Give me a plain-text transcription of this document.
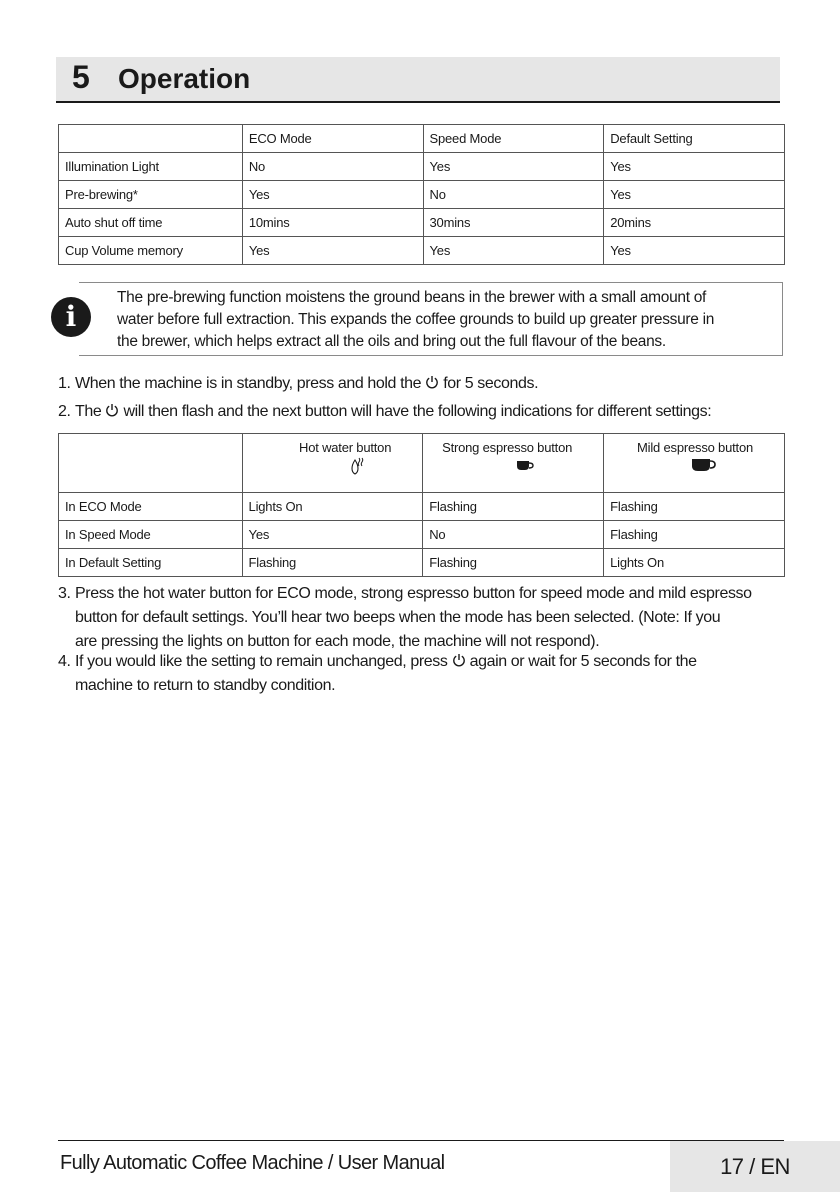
5 Operation
	ECO Mode	Speed Mode	Default Setting
Illumination Light	No	Yes	Yes
Pre-brewing*	Yes	No	Yes
Auto shut off time	10mins	30mins	20mins
Cup Volume memory	Yes	Yes	Yes
The pre-brewing function moistens the ground beans in the brewer with a small amount of
water before full extraction. This expands the coffee grounds to build up greater pressure in
the brewer, which helps extract all the oils and bring out the full flavour of the beans.
i
1. When the machine is in standby, press and hold the for 5 seconds.
2. The will then flash and the next button will have the following indications for different settings:

	Hot water button	Strong espresso button	Mild espresso button

In ECO Mode	Lights On	Flashing	Flashing
In Speed Mode	Yes	No	Flashing
In Default Setting	Flashing	Flashing	Lights On
3. Press the hot water button for ECO mode, strong espresso button for speed mode and mild espresso
button for default settings. You’ll hear two beeps when the mode has been selected. (Note: If you
are pressing the lights on button for each mode, the machine will not respond).
4. If you would like the setting to remain unchanged, press again or wait for 5 seconds for the
machine to return to standby condition.
Fully Automatic Coffee Machine / User Manual	17 / EN
